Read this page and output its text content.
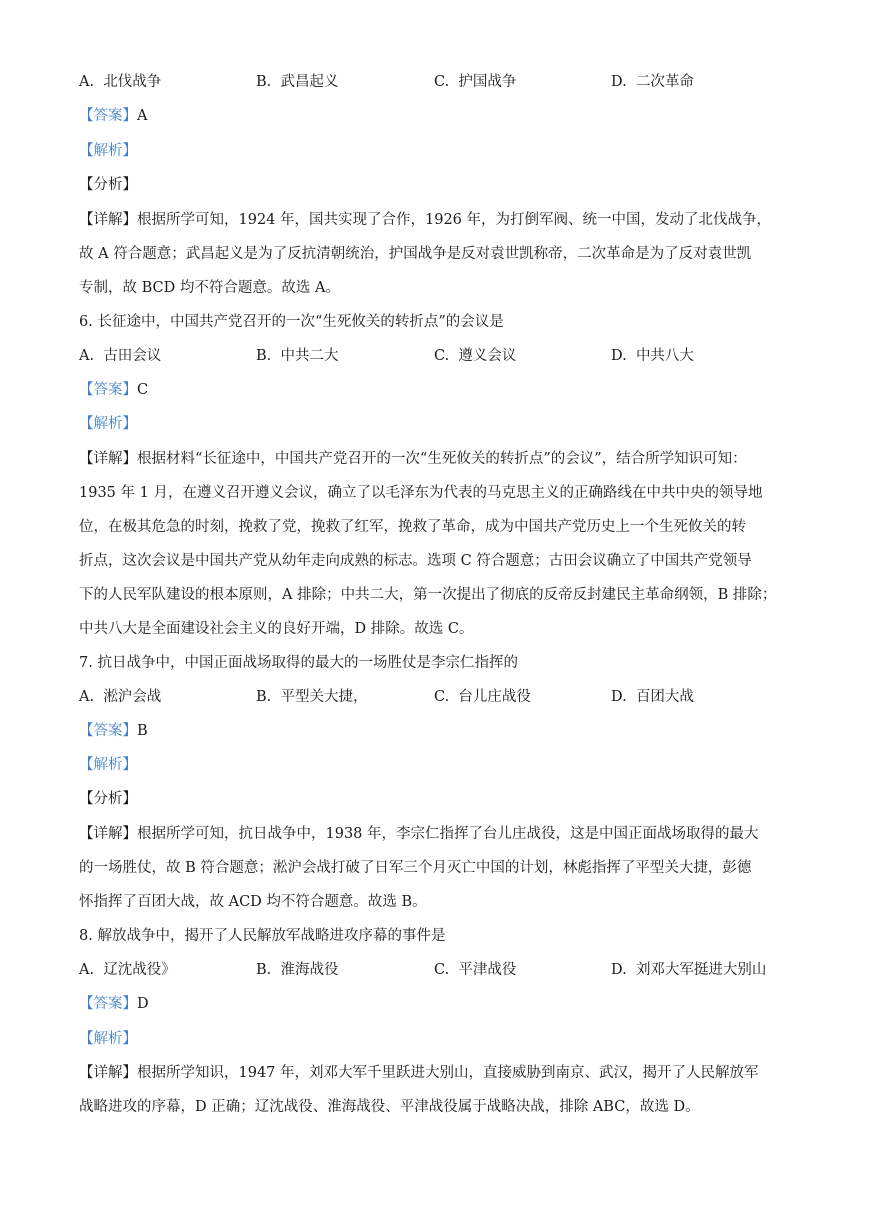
A. 北伐战争	B. 武昌起义	C. 护国战争	D. 二次革命
【答案】A
【解析】
【分析】
【详解】根据所学可知，1924 年，国共实现了合作，1926 年，为打倒军阀、统一中国，发动了北伐战争，
故 A 符合题意；武昌起义是为了反抗清朝统治，护国战争是反对袁世凯称帝，二次革命是为了反对袁世凯
专制，故 BCD 均不符合题意。故选 A。
6. 长征途中，中国共产党召开的一次“生死攸关的转折点”的会议是
A. 古田会议	B. 中共二大	C. 遵义会议	D. 中共八大
【答案】C
【解析】
【详解】根据材料“长征途中，中国共产党召开的一次“生死攸关的转折点”的会议”，结合所学知识可知：
1935 年 1 月，在遵义召开遵义会议，确立了以毛泽东为代表的马克思主义的正确路线在中共中央的领导地
位，在极其危急的时刻，挽救了党，挽救了红军，挽救了革命，成为中国共产党历史上一个生死攸关的转
折点，这次会议是中国共产党从幼年走向成熟的标志。选项 C 符合题意；古田会议确立了中国共产党领导
下的人民军队建设的根本原则，A 排除；中共二大，第一次提出了彻底的反帝反封建民主革命纲领，B 排除；
中共八大是全面建设社会主义的良好开端，D 排除。故选 C。
7. 抗日战争中，中国正面战场取得的最大的一场胜仗是李宗仁指挥的
A. 淞沪会战	B. 平型关大捷，	C. 台儿庄战役	D. 百团大战
【答案】B
【解析】
【分析】
【详解】根据所学可知，抗日战争中，1938 年，李宗仁指挥了台儿庄战役，这是中国正面战场取得的最大
的一场胜仗，故 B 符合题意；淞沪会战打破了日军三个月灭亡中国的计划，林彪指挥了平型关大捷，彭德
怀指挥了百团大战，故 ACD 均不符合题意。故选 B。
8. 解放战争中，揭开了人民解放军战略进攻序幕的事件是
A. 辽沈战役》	B. 淮海战役	C. 平津战役	D. 刘邓大军挺进大别山
【答案】D
【解析】
【详解】根据所学知识，1947 年，刘邓大军千里跃进大别山，直接威胁到南京、武汉，揭开了人民解放军
战略进攻的序幕，D 正确；辽沈战役、淮海战役、平津战役属于战略决战，排除 ABC，故选 D。
